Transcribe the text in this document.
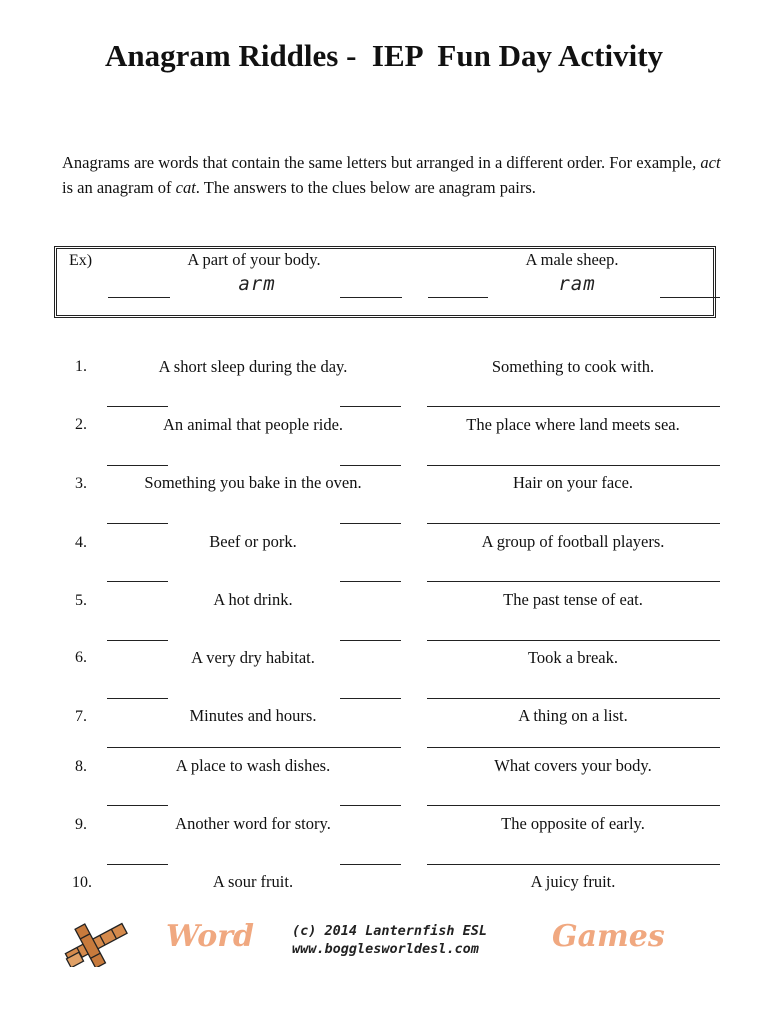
Anagram Riddles -  IEP  Fun Day Activity
Anagrams are words that contain the same letters but arranged in a different order. For example, act is an anagram of cat. The answers to the clues below are anagram pairs.
Ex)	A part of your body.	A male sheep.
arm	ram
1.	A short sleep during the day.	Something to cook with.
2.	An animal that people ride.	The place where land meets sea.
3.	Something you bake in the oven.	Hair on your face.
4.	Beef or pork.	A group of football players.
5.	A hot drink.	The past tense of eat.
6.	A very dry habitat.	Took a break.
7.	Minutes and hours.	A thing on a list.
8.	A place to wash dishes.	What covers your body.
9.	Another word for story.	The opposite of early.
10.	A sour fruit.	A juicy fruit.
Word	(c) 2014 Lanternfish ESL
www.bogglesworldesl.com Games
